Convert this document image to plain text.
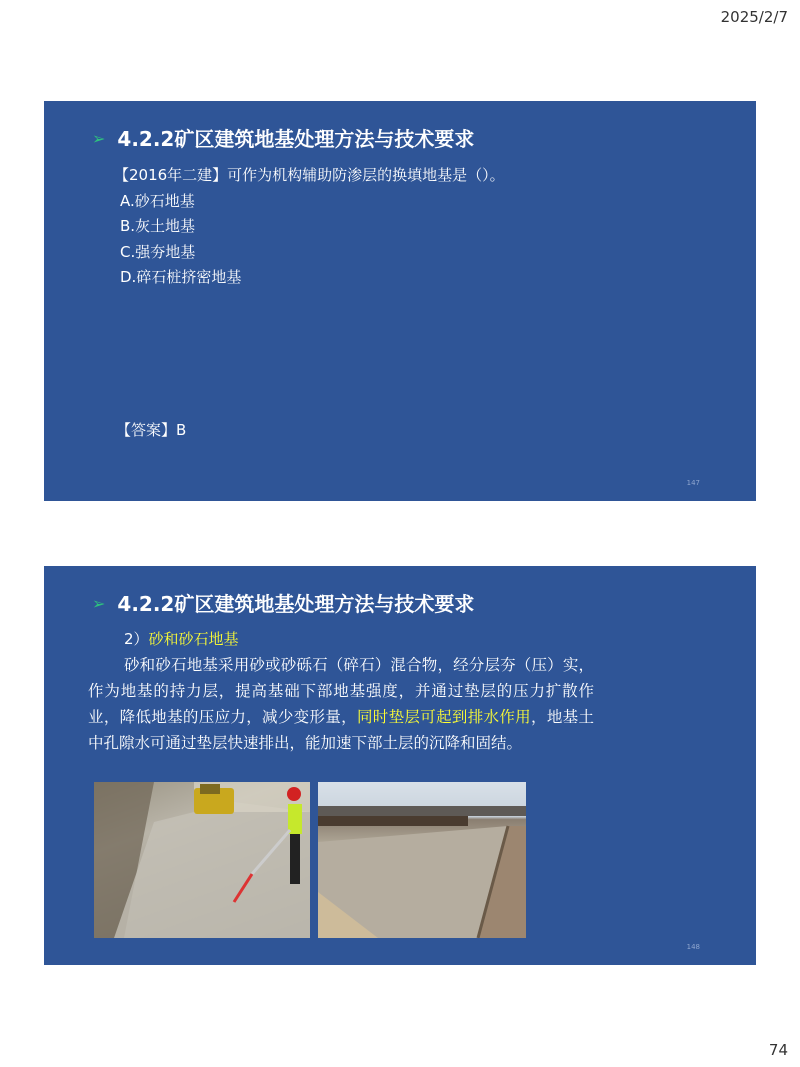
2025/2/7
➢ 4.2.2矿区建筑地基处理方法与技术要求
【2016年二建】可作为机构辅助防渗层的换填地基是（）。
A.砂石地基
B.灰土地基
C.强夯地基
D.碎石桩挤密地基
【答案】B
147
➢ 4.2.2矿区建筑地基处理方法与技术要求
2）砂和砂石地基
砂和砂石地基采用砂或砂砾石（碎石）混合物，经分层夯（压）实，作为地基的持力层，提高基础下部地基强度，并通过垫层的压力扩散作业，降低地基的压应力，减少变形量，同时垫层可起到排水作用，地基土中孔隙水可通过垫层快速排出，能加速下部土层的沉降和固结。
148
74
